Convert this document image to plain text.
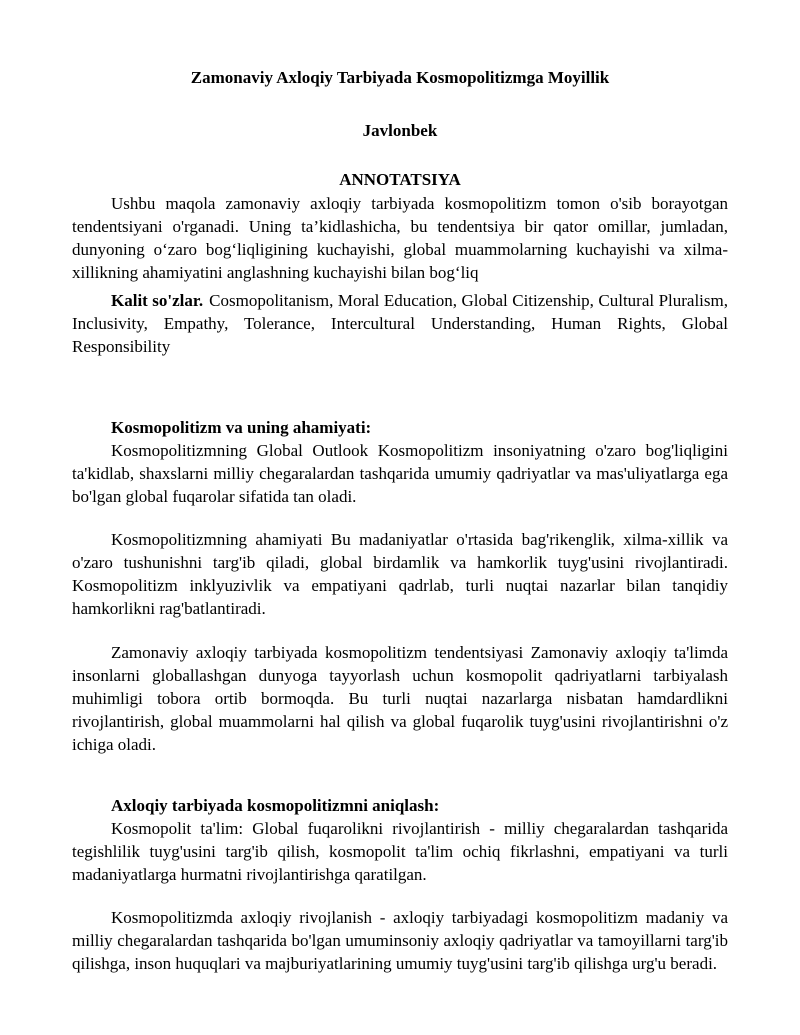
Zamonaviy Axloqiy Tarbiyada Kosmopolitizmga Moyillik

Javlonbek

ANNOTATSIYA

Ushbu maqola zamonaviy axloqiy tarbiyada kosmopolitizm tomon o'sib borayotgan tendentsiyani o'rganadi. Uning ta’kidlashicha, bu tendentsiya bir qator omillar, jumladan, dunyoning oʻzaro bogʻliqligining kuchayishi, global muammolarning kuchayishi va xilma-xillikning ahamiyatini anglashning kuchayishi bilan bogʻliq

Kalit so'zlar. Cosmopolitanism, Moral Education, Global Citizenship, Cultural Pluralism, Inclusivity, Empathy, Tolerance, Intercultural Understanding, Human Rights, Global Responsibility

Kosmopolitizm va uning ahamiyati:

Kosmopolitizmning Global Outlook Kosmopolitizm insoniyatning o'zaro bog'liqligini ta'kidlab, shaxslarni milliy chegaralardan tashqarida umumiy qadriyatlar va mas'uliyatlarga ega bo'lgan global fuqarolar sifatida tan oladi.

Kosmopolitizmning ahamiyati Bu madaniyatlar o'rtasida bag'rikenglik, xilma-xillik va o'zaro tushunishni targ'ib qiladi, global birdamlik va hamkorlik tuyg'usini rivojlantiradi. Kosmopolitizm inklyuzivlik va empatiyani qadrlab, turli nuqtai nazarlar bilan tanqidiy hamkorlikni rag'batlantiradi.

Zamonaviy axloqiy tarbiyada kosmopolitizm tendentsiyasi Zamonaviy axloqiy ta'limda insonlarni globallashgan dunyoga tayyorlash uchun kosmopolit qadriyatlarni tarbiyalash muhimligi tobora ortib bormoqda. Bu turli nuqtai nazarlarga nisbatan hamdardlikni rivojlantirish, global muammolarni hal qilish va global fuqarolik tuyg'usini rivojlantirishni o'z ichiga oladi.

Axloqiy tarbiyada kosmopolitizmni aniqlash:

Kosmopolit ta'lim: Global fuqarolikni rivojlantirish - milliy chegaralardan tashqarida tegishlilik tuyg'usini targ'ib qilish, kosmopolit ta'lim ochiq fikrlashni, empatiyani va turli madaniyatlarga hurmatni rivojlantirishga qaratilgan.

Kosmopolitizmda axloqiy rivojlanish - axloqiy tarbiyadagi kosmopolitizm madaniy va milliy chegaralardan tashqarida bo'lgan umuminsoniy axloqiy qadriyatlar va tamoyillarni targ'ib qilishga, inson huquqlari va majburiyatlarining umumiy tuyg'usini targ'ib qilishga urg'u beradi.
